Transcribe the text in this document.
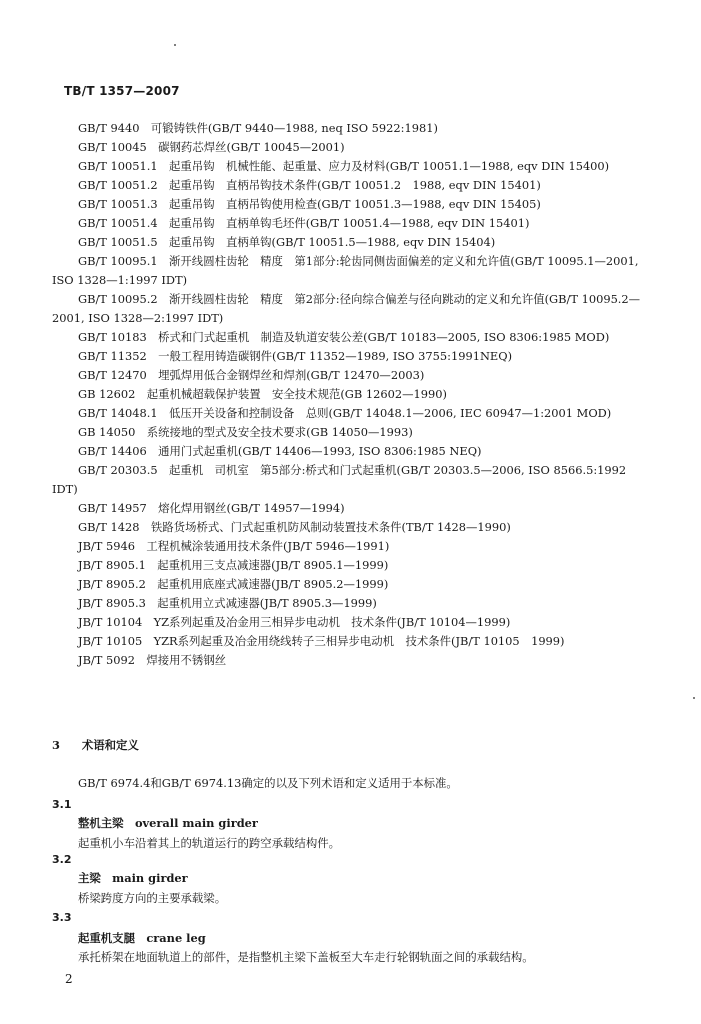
TB/T 1357—2007
GB/T 9440　可锻铸铁件(GB/T 9440—1988, neq ISO 5922:1981)
GB/T 10045　碳钢药芯焊丝(GB/T 10045—2001)
GB/T 10051.1　起重吊钩　机械性能、起重量、应力及材料(GB/T 10051.1—1988, eqv DIN 15400)
GB/T 10051.2　起重吊钩　直柄吊钩技术条件(GB/T 10051.2　1988, eqv DIN 15401)
GB/T 10051.3　起重吊钩　直柄吊钩使用检查(GB/T 10051.3—1988, eqv DIN 15405)
GB/T 10051.4　起重吊钩　直柄单钩毛坯件(GB/T 10051.4—1988, eqv DIN 15401)
GB/T 10051.5　起重吊钩　直柄单钩(GB/T 10051.5—1988, eqv DIN 15404)
GB/T 10095.1　渐开线圆柱齿轮　精度　第1部分:轮齿同侧齿面偏差的定义和允许值(GB/T 10095.1—2001, ISO 1328—1:1997 IDT)
GB/T 10095.2　渐开线圆柱齿轮　精度　第2部分:径向综合偏差与径向跳动的定义和允许值(GB/T 10095.2—2001, ISO 1328—2:1997 IDT)
GB/T 10183　桥式和门式起重机　制造及轨道安装公差(GB/T 10183—2005, ISO 8306:1985 MOD)
GB/T 11352　一般工程用铸造碳钢件(GB/T 11352—1989, ISO 3755:1991NEQ)
GB/T 12470　埋弧焊用低合金钢焊丝和焊剂(GB/T 12470—2003)
GB 12602　起重机械超载保护装置　安全技术规范(GB 12602—1990)
GB/T 14048.1　低压开关设备和控制设备　总则(GB/T 14048.1—2006, IEC 60947—1:2001 MOD)
GB 14050　系统接地的型式及安全技术要求(GB 14050—1993)
GB/T 14406　通用门式起重机(GB/T 14406—1993, ISO 8306:1985 NEQ)
GB/T 20303.5　起重机　司机室　第5部分:桥式和门式起重机(GB/T 20303.5—2006, ISO 8566.5:1992 IDT)
GB/T 14957　熔化焊用钢丝(GB/T 14957—1994)
GB/T 1428　铁路货场桥式、门式起重机防风制动装置技术条件(TB/T 1428—1990)
JB/T 5946　工程机械涂装通用技术条件(JB/T 5946—1991)
JB/T 8905.1　起重机用三支点减速器(JB/T 8905.1—1999)
JB/T 8905.2　起重机用底座式减速器(JB/T 8905.2—1999)
JB/T 8905.3　起重机用立式减速器(JB/T 8905.3—1999)
JB/T 10104　YZ系列起重及冶金用三相异步电动机　技术条件(JB/T 10104—1999)
JB/T 10105　YZR系列起重及冶金用绕线转子三相异步电动机　技术条件(JB/T 10105　1999)
JB/T 5092　焊接用不锈钢丝
3 术语和定义
GB/T 6974.4和GB/T 6974.13确定的以及下列术语和定义适用于本标准。
3.1
整机主梁　overall main girder
起重机小车沿着其上的轨道运行的跨空承载结构件。
3.2
主梁　main girder
桥梁跨度方向的主要承载梁。
3.3
起重机支腿　crane leg
承托桥架在地面轨道上的部件，是指整机主梁下盖板至大车走行轮钢轨面之间的承载结构。
2
